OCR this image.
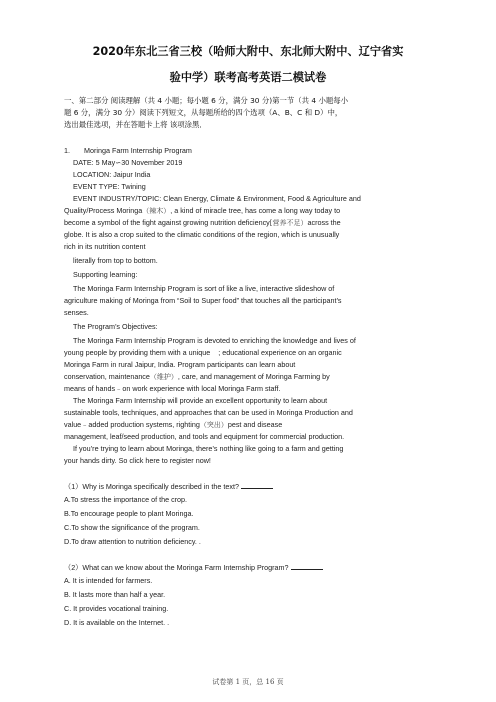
2020年东北三省三校（哈师大附中、东北师大附中、辽宁省实
验中学）联考高考英语二模试卷
一、第二部分 阅读理解（共 4 小题；每小题 6 分，满分 30 分)第一节（共 4 小题每小
题 6 分，满分 30 分）阅读下列短文，从每题所给的四个选项（A、B、C 和 D）中，
选出最佳选项，并在答题卡上将 该项涂黑．
1. Moringa Farm Internship Program
DATE: 5 May∽30 November 2019
LOCATION: Jaipur India
EVENT TYPE: Twining
EVENT INDUSTRY/TOPIC: Clean Energy, Climate & Environment, Food & Agriculture and
Quality/Process Moringa（辣木）, a kind of miracle tree, has come a long way today to
become a symbol of the fight against growing nutrition deficiency[营养不足）across the
globe. It is also a crop suited to the climatic conditions of the region, which is unusually
rich in its nutrition content
literally from top to bottom.
Supporting learning:
The Moringa Farm Internship Program is sort of like a live, interactive slideshow of
agriculture making of Moringa from “Soil to Super food” that touches all the participant’s
senses.
The Program’s Objectives:
The Moringa Farm Internship Program is devoted to enriching the knowledge and lives of
young people by providing them with a unique    ; educational experience on an organic
Moringa Farm in rural Jaipur, India. Program participants can learn about
conservation, maintenance（维护）, care, and management of Moringa Farming by
means of hands﹣on work experience with local Moringa Farm staff.
The Moringa Farm Internship will provide an excellent opportunity to learn about
sustainable tools, techniques, and approaches that can be used in Moringa Production and
value﹣added production systems, righting（突出）pest and disease
management, leaf/seed production, and tools and equipment for commercial production.
If you’re trying to learn about Moringa, there’s nothing like going to a farm and getting
your hands dirty. So click here to register now!
（1）Why is Moringa specifically described in the text?
A.To stress the importance of the crop.
B.To encourage people to plant Moringa.
C.To show the significance of the program.
D.To draw attention to nutrition deficiency. .
（2）What can we know about the Moringa Farm Internship Program?
A. It is intended for farmers.
B. It lasts more than half a year.
C. It provides vocational training.
D. It is available on the Internet. .
试卷第 1 页，总 16 页
